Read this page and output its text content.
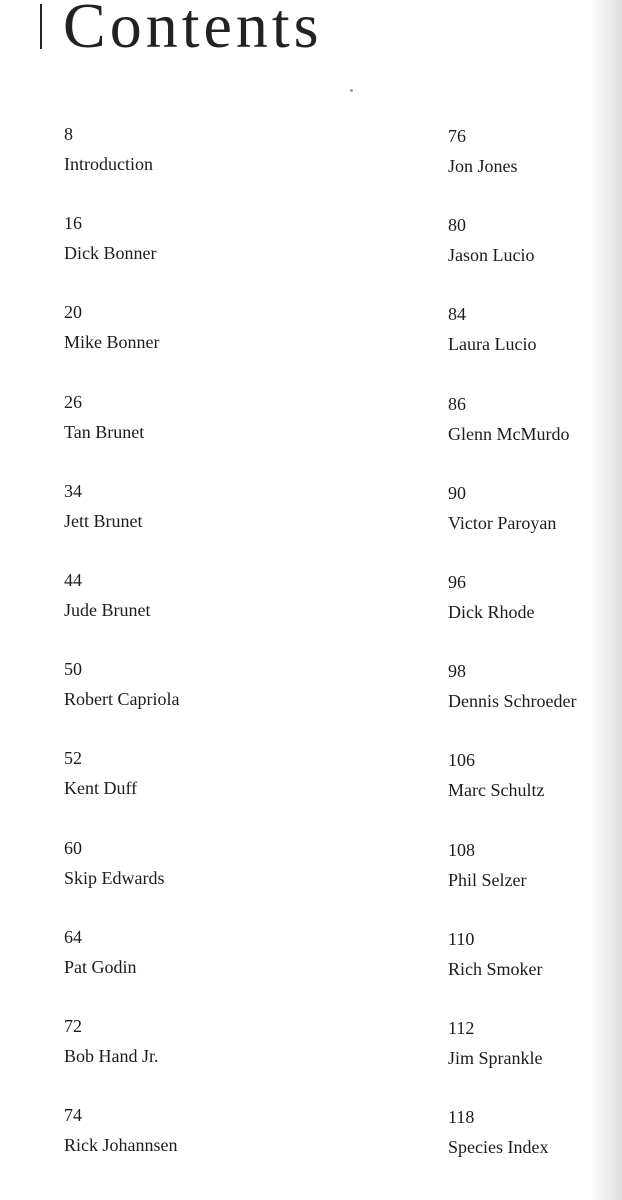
Contents
8
Introduction
16
Dick Bonner
20
Mike Bonner
26
Tan Brunet
34
Jett Brunet
44
Jude Brunet
50
Robert Capriola
52
Kent Duff
60
Skip Edwards
64
Pat Godin
72
Bob Hand Jr.
74
Rick Johannsen
76
Jon Jones
80
Jason Lucio
84
Laura Lucio
86
Glenn McMurdo
90
Victor Paroyan
96
Dick Rhode
98
Dennis Schroeder
106
Marc Schultz
108
Phil Selzer
110
Rich Smoker
112
Jim Sprankle
118
Species Index
